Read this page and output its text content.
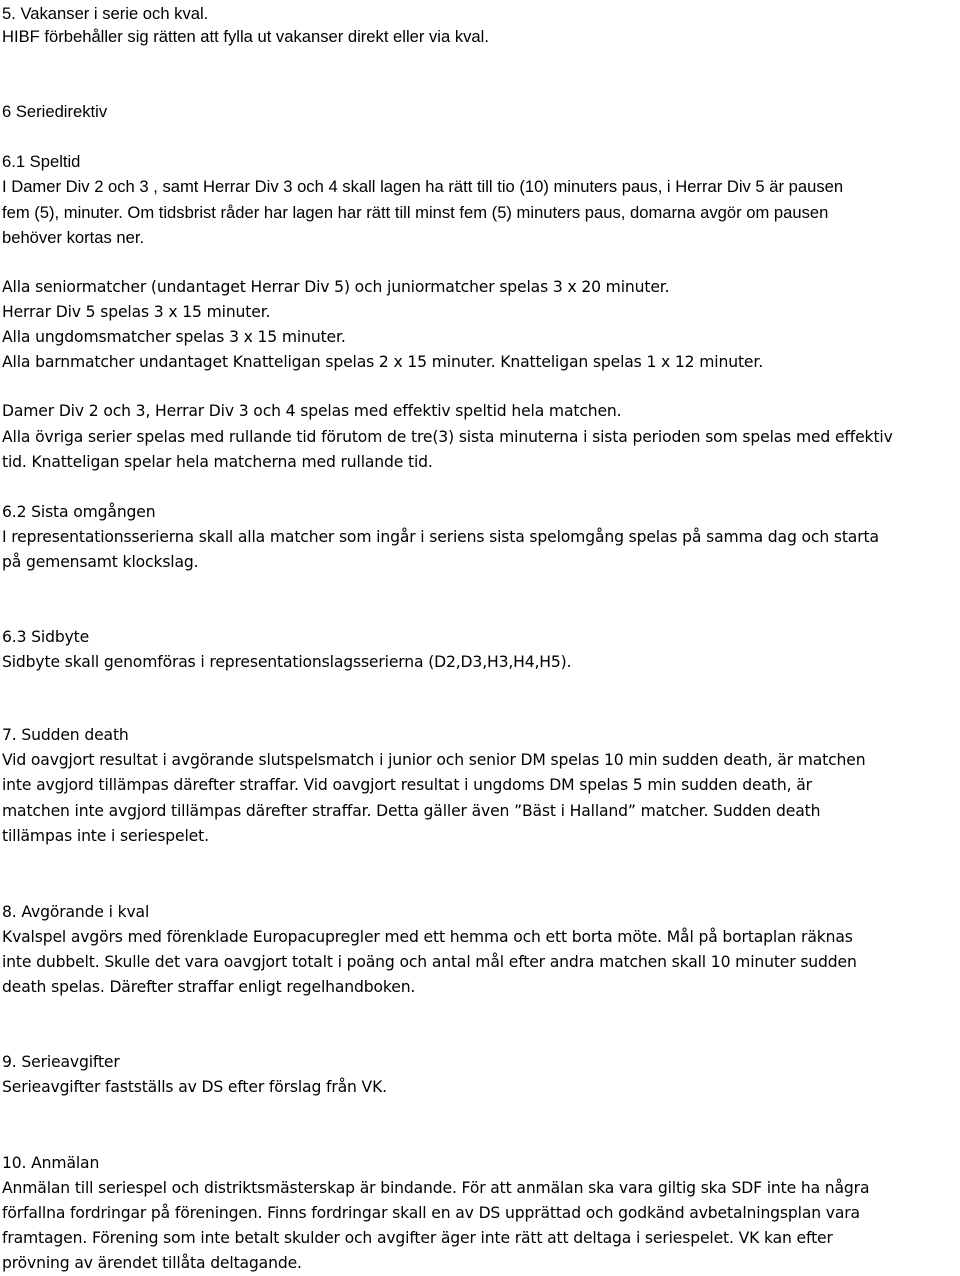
5. Vakanser i serie och kval.
HIBF förbehåller sig rätten att fylla ut vakanser direkt eller via kval.
6 Seriedirektiv
6.1 Speltid
I Damer Div 2 och 3 , samt Herrar Div 3 och 4 skall lagen ha rätt till tio (10) minuters paus, i Herrar Div 5 är pausen
fem (5), minuter. Om tidsbrist råder har lagen har rätt till minst fem (5) minuters paus, domarna avgör om pausen
behöver kortas ner.
Alla seniormatcher (undantaget Herrar Div 5) och juniormatcher spelas 3 x 20 minuter.
Herrar Div 5 spelas 3 x 15 minuter.
Alla ungdomsmatcher spelas 3 x 15 minuter.
Alla barnmatcher undantaget Knatteligan spelas 2 x 15 minuter. Knatteligan spelas 1 x 12 minuter.
Damer Div 2 och 3, Herrar Div 3 och 4 spelas med effektiv speltid hela matchen.
Alla övriga serier spelas med rullande tid förutom de tre(3) sista minuterna i sista perioden som spelas med effektiv
tid. Knatteligan spelar hela matcherna med rullande tid.
6.2 Sista omgången
I representationsserierna skall alla matcher som ingår i seriens sista spelomgång spelas på samma dag och starta
på gemensamt klockslag.
6.3 Sidbyte
Sidbyte skall genomföras i representationslagsserierna (D2,D3,H3,H4,H5).
7. Sudden death
Vid oavgjort resultat i avgörande slutspelsmatch i junior och senior DM spelas 10 min sudden death, är matchen
inte avgjord tillämpas därefter straffar. Vid oavgjort resultat i ungdoms DM spelas 5 min sudden death, är
matchen inte avgjord tillämpas därefter straffar. Detta gäller även ”Bäst i Halland” matcher. Sudden death
tillämpas inte i seriespelet.
8. Avgörande i kval
Kvalspel avgörs med förenklade Europacupregler med ett hemma och ett borta möte. Mål på bortaplan räknas
inte dubbelt. Skulle det vara oavgjort totalt i poäng och antal mål efter andra matchen skall 10 minuter sudden
death spelas. Därefter straffar enligt regelhandboken.
9. Serieavgifter
Serieavgifter fastställs av DS efter förslag från VK.
10. Anmälan
Anmälan till seriespel och distriktsmästerskap är bindande. För att anmälan ska vara giltig ska SDF inte ha några
förfallna fordringar på föreningen. Finns fordringar skall en av DS upprättad och godkänd avbetalningsplan vara
framtagen. Förening som inte betalt skulder och avgifter äger inte rätt att deltaga i seriespelet. VK kan efter
prövning av ärendet tillåta deltagande.
